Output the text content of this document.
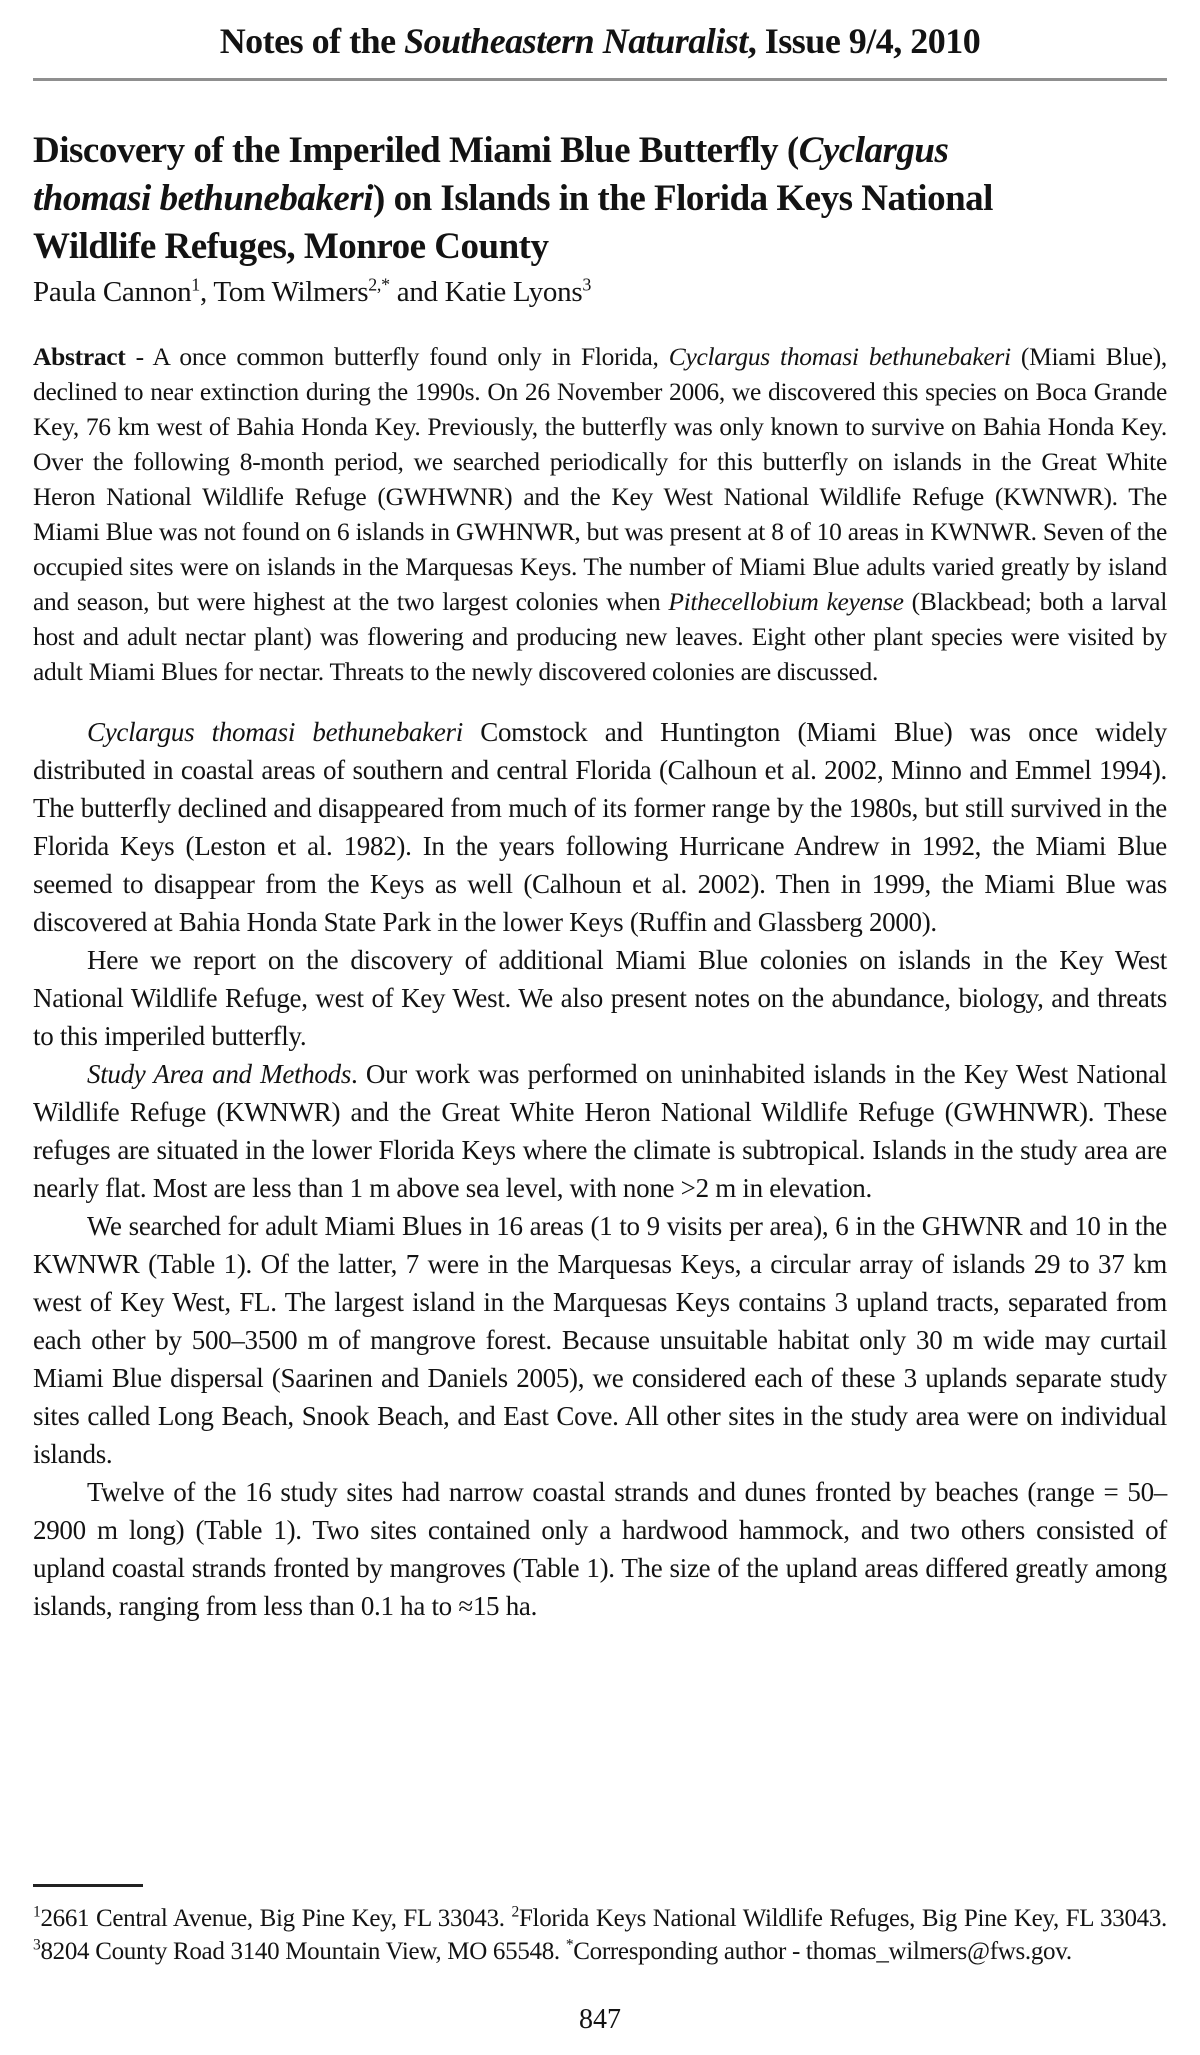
Notes of the Southeastern Naturalist, Issue 9/4, 2010
Discovery of the Imperiled Miami Blue Butterfly (Cyclargus
thomasi bethunebakeri) on Islands in the Florida Keys National
Wildlife Refuges, Monroe County
Paula Cannon$^1$, Tom Wilmers$^{2,*}$ and Katie Lyons$^3$

Abstract - A once common butterfly found only in Florida, Cyclargus thomasi bethunebakeri (Miami Blue), declined to near extinction during the 1990s. On 26 November 2006, we discovered this species on Boca Grande Key, 76 km west of Bahia Honda Key. Previously, the butterfly was only known to survive on Bahia Honda Key. Over the following 8-month period, we searched periodically for this butterfly on islands in the Great White Heron National Wildlife Refuge (GWHWNR) and the Key West National Wildlife Refuge (KWNWR). The Miami Blue was not found on 6 islands in GWHNWR, but was present at 8 of 10 areas in KWNWR. Seven of the occupied sites were on islands in the Marquesas Keys. The number of Miami Blue adults varied greatly by island and season, but were highest at the two largest colonies when Pithecellobium keyense (Blackbead; both a larval host and adult nectar plant) was flowering and producing new leaves. Eight other plant species were visited by adult Miami Blues for nectar. Threats to the newly discovered colonies are discussed.

Cyclargus thomasi bethunebakeri Comstock and Huntington (Miami Blue) was once widely distributed in coastal areas of southern and central Florida (Calhoun et al. 2002, Minno and Emmel 1994). The butterfly declined and disappeared from much of its former range by the 1980s, but still survived in the Florida Keys (Leston et al. 1982). In the years following Hurricane Andrew in 1992, the Miami Blue seemed to disappear from the Keys as well (Calhoun et al. 2002). Then in 1999, the Miami Blue was discovered at Bahia Honda State Park in the lower Keys (Ruffin and Glassberg 2000).

Here we report on the discovery of additional Miami Blue colonies on islands in the Key West National Wildlife Refuge, west of Key West. We also present notes on the abundance, biology, and threats to this imperiled butterfly.

Study Area and Methods. Our work was performed on uninhabited islands in the Key West National Wildlife Refuge (KWNWR) and the Great White Heron National Wildlife Refuge (GWHNWR). These refuges are situated in the lower Florida Keys where the climate is subtropical. Islands in the study area are nearly flat. Most are less than 1 m above sea level, with none >2 m in elevation.

We searched for adult Miami Blues in 16 areas (1 to 9 visits per area), 6 in the GHWNR and 10 in the KWNWR (Table 1). Of the latter, 7 were in the Marquesas Keys, a circular array of islands 29 to 37 km west of Key West, FL. The largest island in the Marquesas Keys contains 3 upland tracts, separated from each other by 500–3500 m of mangrove forest. Because unsuitable habitat only 30 m wide may curtail Miami Blue dispersal (Saarinen and Daniels 2005), we considered each of these 3 uplands separate study sites called Long Beach, Snook Beach, and East Cove. All other sites in the study area were on individual islands.

Twelve of the 16 study sites had narrow coastal strands and dunes fronted by beaches (range = 50–2900 m long) (Table 1). Two sites contained only a hardwood hammock, and two others consisted of upland coastal strands fronted by mangroves (Table 1). The size of the upland areas differed greatly among islands, ranging from less than 0.1 ha to ≈15 ha.

$^1$2661 Central Avenue, Big Pine Key, FL 33043. $^2$Florida Keys National Wildlife Refuges, Big Pine Key, FL 33043. $^3$8204 County Road 3140 Mountain View, MO 65548. *Corresponding author - thomas_wilmers@fws.gov.

847
